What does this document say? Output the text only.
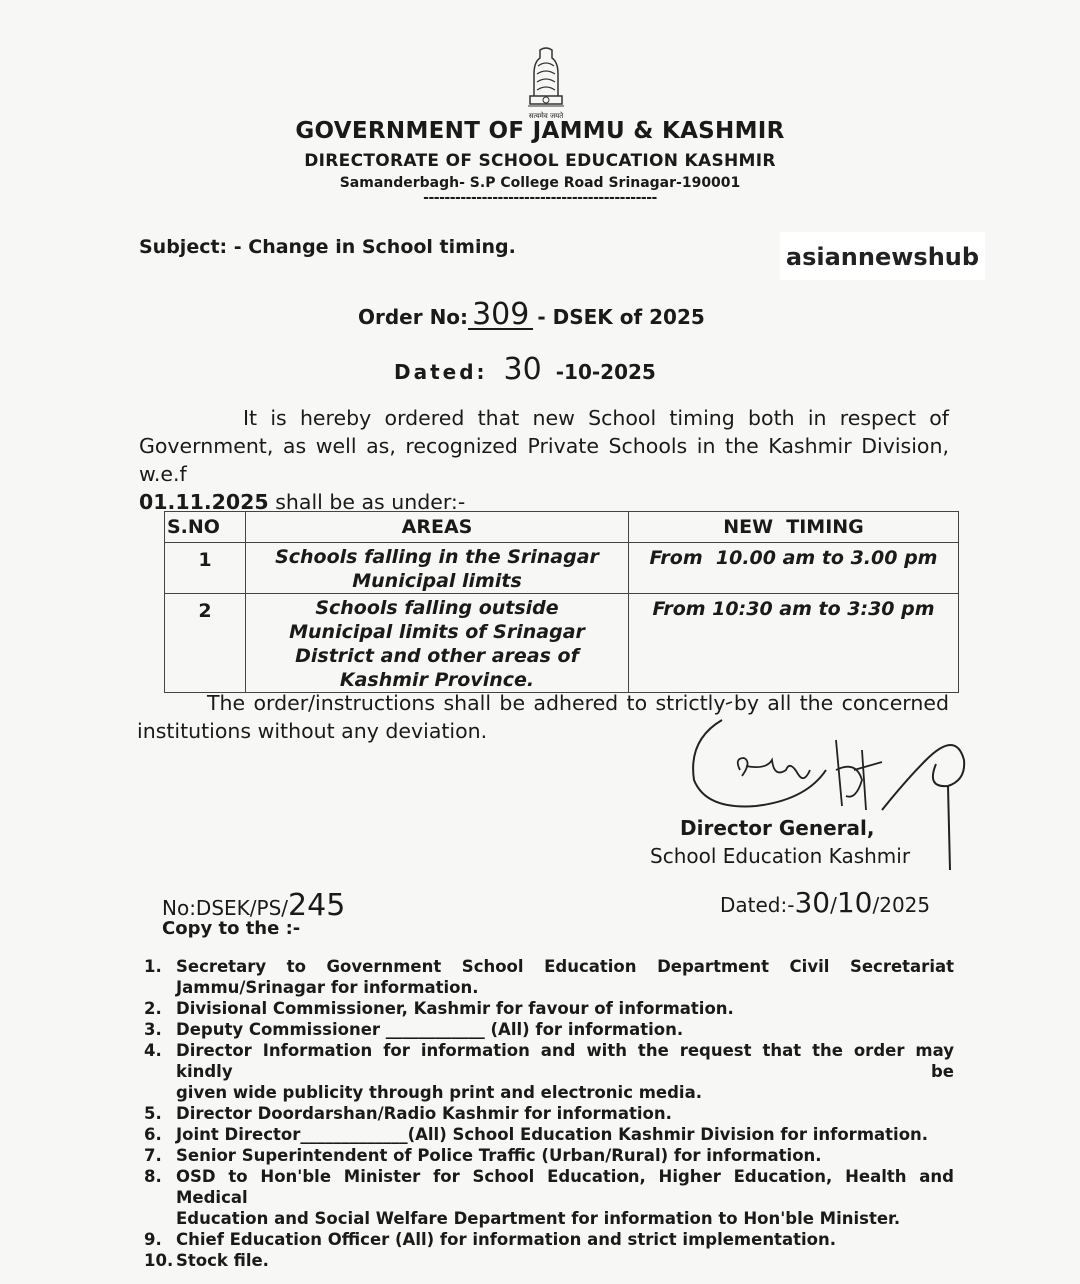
सत्यमेव जयते
GOVERNMENT OF JAMMU & KASHMIR
DIRECTORATE OF SCHOOL EDUCATION KASHMIR
Samanderbagh- S.P College Road Srinagar-190001
--------------------------------------------
Subject: - Change in School timing.	asiannewshub
Order No: 309 - DSEK of 2025
Dated: 30 -10-2025
It is hereby ordered that new School timing both in respect of
Government, as well as, recognized Private Schools in the Kashmir Division, w.e.f
01.11.2025 shall be as under:-
S.NO	AREAS	NEW  TIMING
1	Schools falling in the Srinagar Municipal limits	From  10.00 am to 3.00 pm
2	Schools falling outside Municipal limits of Srinagar District and other areas of Kashmir Province.	From 10:30 am to 3:30 pm
The order/instructions shall be adhered to strictly by all the concerned
institutions without any deviation.
Director General,
School Education Kashmir
No:DSEK/PS/245	Dated:-30/10/2025
Copy to the :-
1. Secretary to Government School Education Department Civil Secretariat
Jammu/Srinagar for information.
2. Divisional Commissioner, Kashmir for favour of information.
3. Deputy Commissioner ____________ (All) for information.
4. Director Information for information and with the request that the order may kindly be
given wide publicity through print and electronic media.
5. Director Doordarshan/Radio Kashmir for information.
6. Joint Director_____________(All) School Education Kashmir Division for information.
7. Senior Superintendent of Police Traffic (Urban/Rural) for information.
8. OSD to Hon'ble Minister for School Education, Higher Education, Health and Medical
Education and Social Welfare Department for information to Hon'ble Minister.
9. Chief Education Officer (All) for information and strict implementation.
10. Stock file.
